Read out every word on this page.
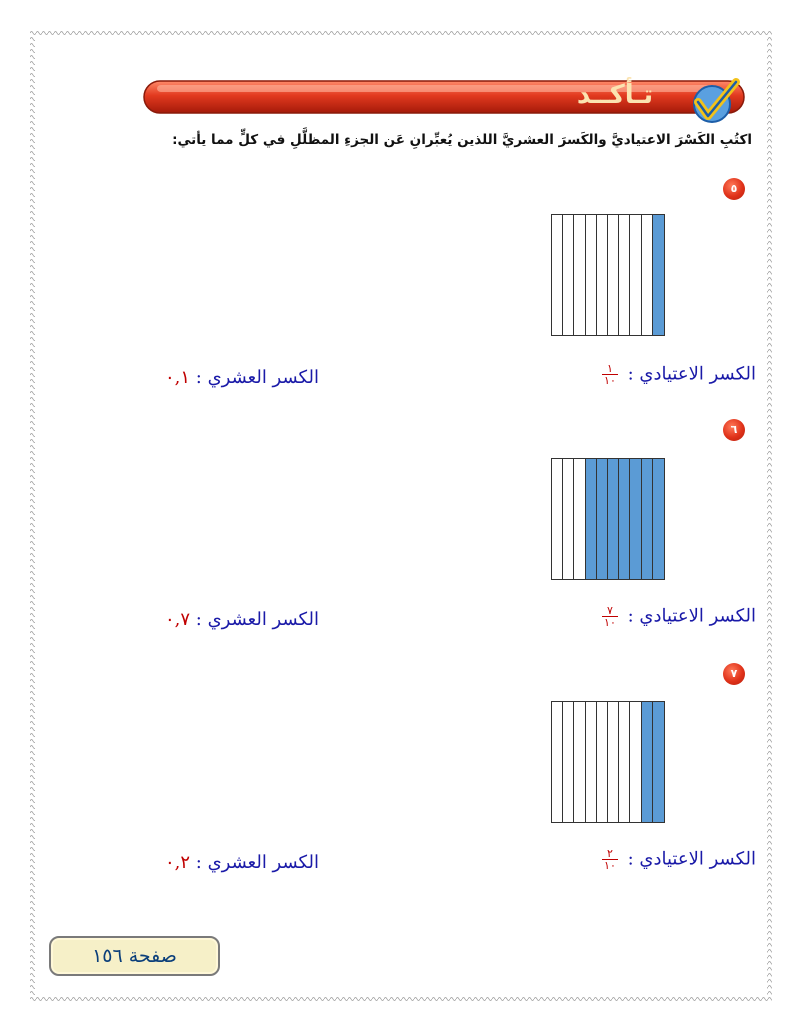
تـأكــد
اكتُبِ الكَسْرَ الاعتياديَّ والكَسرَ العشريَّ اللذين يُعبِّرانِ عَن الجزءِ المظلَّلِ في كلٍّ مما يأتي:
٥
الكسر الاعتيادي :
$\frac{١}{١٠}$
الكسر العشري : ٠,١
٦
الكسر الاعتيادي :
$\frac{٧}{١٠}$
الكسر العشري : ٠,٧
٧
الكسر الاعتيادي :
$\frac{٢}{١٠}$
الكسر العشري : ٠,٢
صفحة ١٥٦
